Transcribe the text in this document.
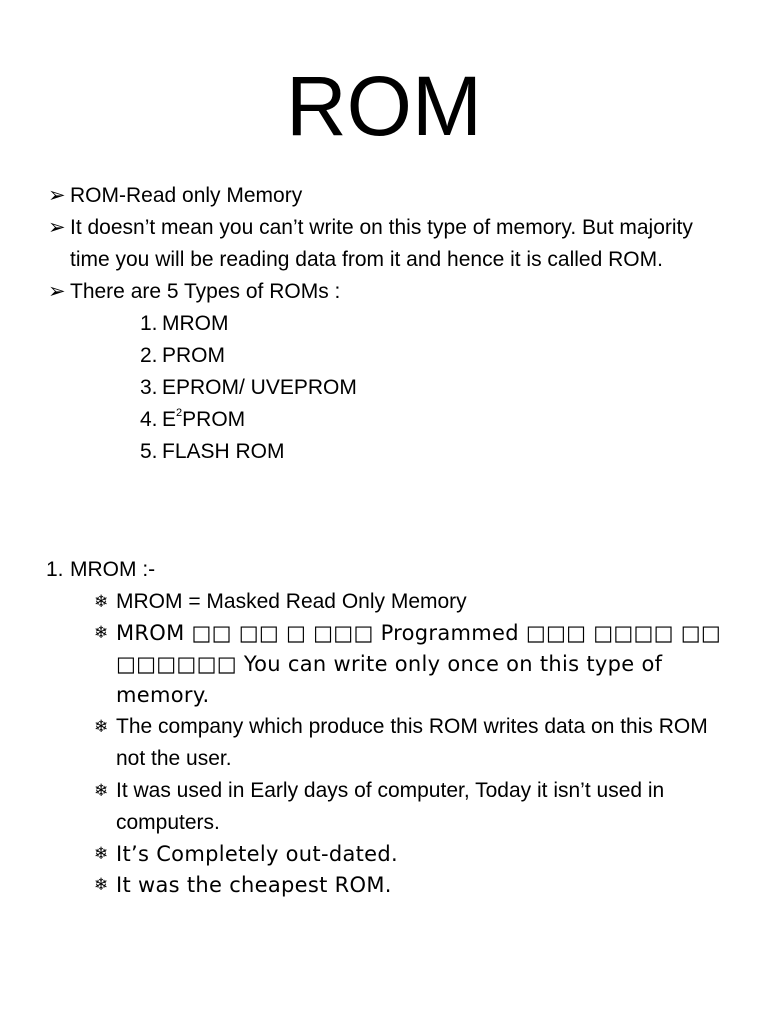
ROM
➢ ROM-Read only Memory
➢ It doesn’t mean you can’t write on this type of memory. But majority time you will be reading data from it and hence it is called ROM.
➢ There are 5 Types of ROMs :
1. MROM
2. PROM
3. EPROM/ UVEPROM
4. $E^2PROM$
5. FLASH ROM
1. MROM :-
❄ MROM = Masked Read Only Memory
❄ MROM □□ □□ □ □□□ Programmed □□□ □□□□ □□ □□□□□□ You can write only once on this type of memory.
❄ The company which produce this ROM writes data on this ROM not the user.
❄ It was used in Early days of computer, Today it isn’t used in computers.
❄ It’s Completely out-dated.
❄ It was the cheapest ROM.
